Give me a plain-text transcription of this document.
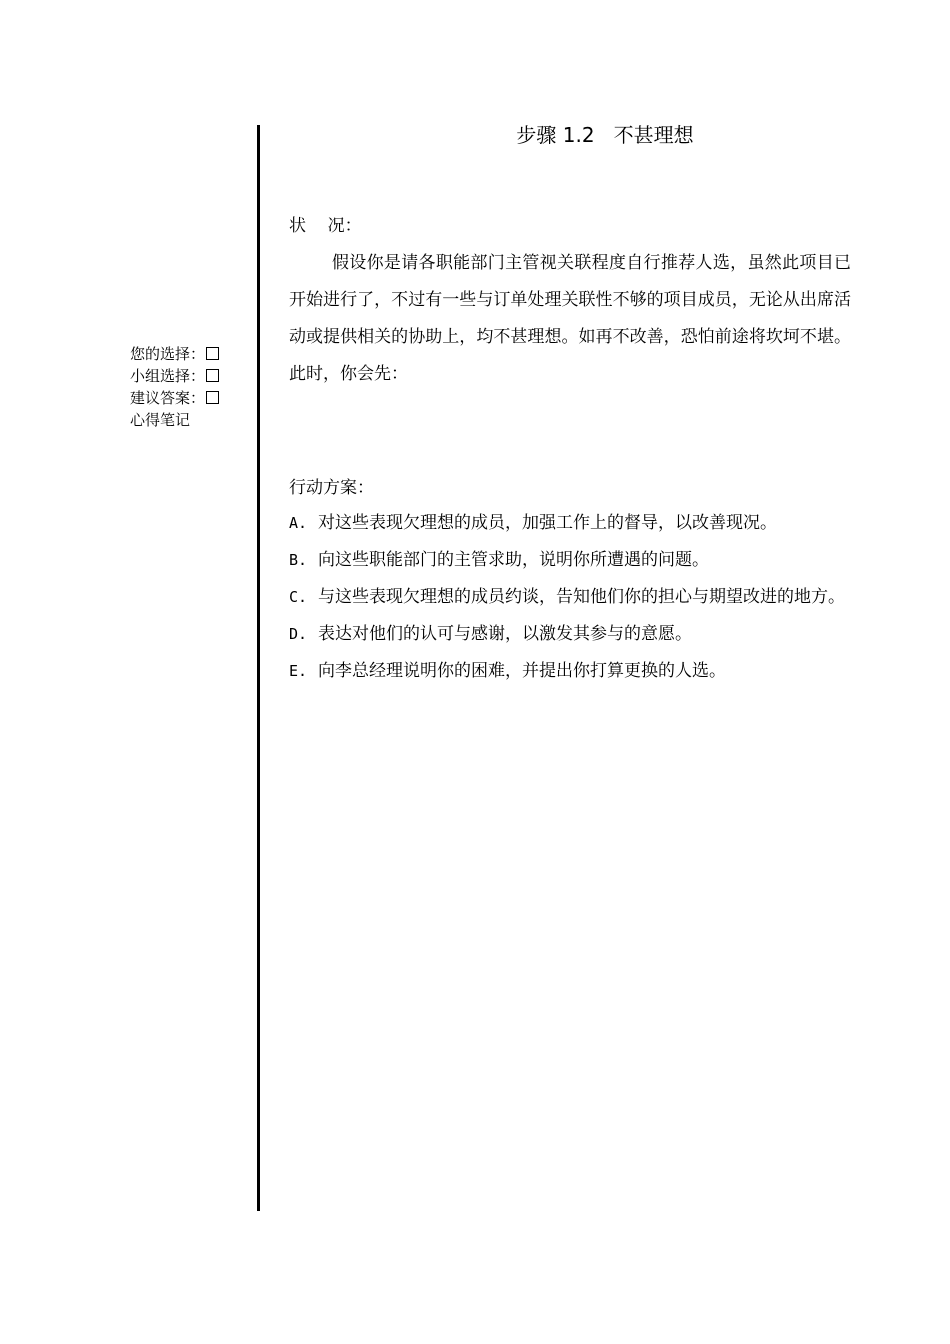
您的选择：
小组选择：
建议答案：
心得笔记
步骤 1.2   不甚理想
状    况：
假设你是请各职能部门主管视关联程度自行推荐人选，虽然此项目已开始进行了，不过有一些与订单处理关联性不够的项目成员，无论从出席活动或提供相关的协助上，均不甚理想。如再不改善，恐怕前途将坎坷不堪。此时，你会先：
行动方案：
A. 对这些表现欠理想的成员，加强工作上的督导，以改善现况。
B. 向这些职能部门的主管求助，说明你所遭遇的问题。
C. 与这些表现欠理想的成员约谈，告知他们你的担心与期望改进的地方。
D. 表达对他们的认可与感谢，以激发其参与的意愿。
E. 向李总经理说明你的困难，并提出你打算更换的人选。
